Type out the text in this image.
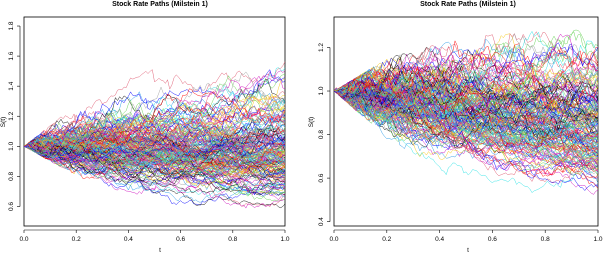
Stock Rate Paths (Milstein 1)
t
S(t)
0.0	0.2	0.4	0.6	0.8	1.0
0.6
0.8
1.0
1.2
1.4
1.6
1.8
Stock Rate Paths (Milstein 1)
t
S(t)
0.0	0.2	0.4	0.6	0.8	1.0
0.4
0.6
0.8
1.0
1.2
